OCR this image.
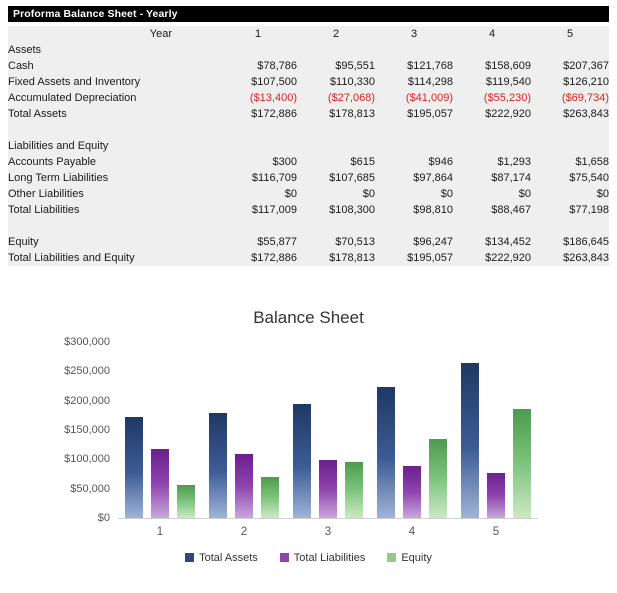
Proforma Balance Sheet - Yearly
Year	1	2	3	4	5
Assets					
Cash	$78,786	$95,551	$121,768	$158,609	$207,367
Fixed Assets and Inventory	$107,500	$110,330	$114,298	$119,540	$126,210
Accumulated Depreciation	($13,400)	($27,068)	($41,009)	($55,230)	($69,734)
Total Assets	$172,886	$178,813	$195,057	$222,920	$263,843

Liabilities and Equity					
Accounts Payable	$300	$615	$946	$1,293	$1,658
Long Term Liabilities	$116,709	$107,685	$97,864	$87,174	$75,540
Other Liabilities	$0	$0	$0	$0	$0
Total Liabilities	$117,009	$108,300	$98,810	$88,467	$77,198

Equity	$55,877	$70,513	$96,247	$134,452	$186,645
Total Liabilities and Equity	$172,886	$178,813	$195,057	$222,920	$263,843
Balance Sheet
$0
$50,000
$100,000
$150,000
$200,000
$250,000
$300,000
1	2	3	4	5
Total Assets	Total Liabilities	Equity
